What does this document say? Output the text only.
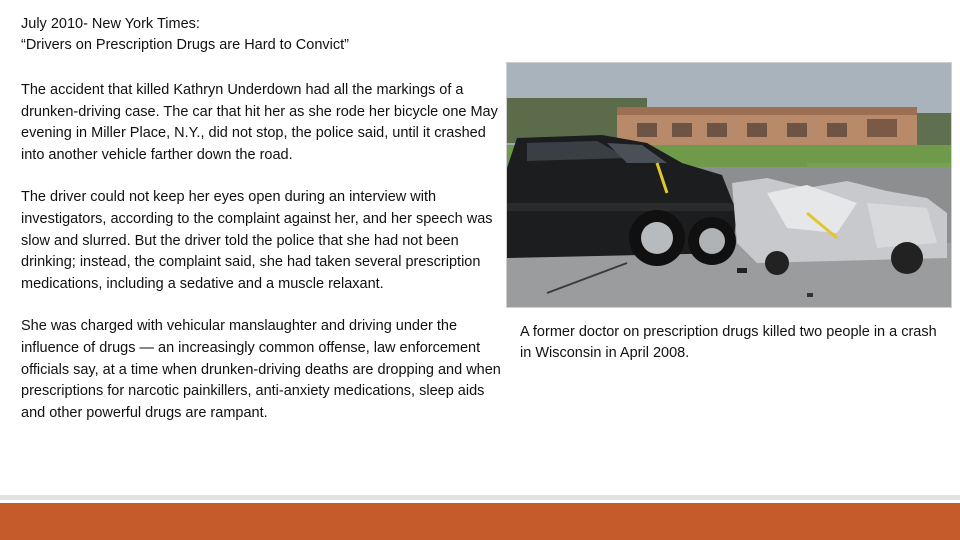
July 2010- New York Times:
“Drivers on Prescription Drugs are Hard to Convict”

The accident that killed Kathryn Underdown had all the markings of a drunken-driving case. The car that hit her as she rode her bicycle one May evening in Miller Place, N.Y., did not stop, the police said, until it crashed into another vehicle farther down the road.

The driver could not keep her eyes open during an interview with investigators, according to the complaint against her, and her speech was slow and slurred. But the driver told the police that she had not been drinking; instead, the complaint said, she had taken several prescription medications, including a sedative and a muscle relaxant.

She was charged with vehicular manslaughter and driving under the influence of drugs — an increasingly common offense, law enforcement officials say, at a time when drunken-driving deaths are dropping and when prescriptions for narcotic painkillers, anti-anxiety medications, sleep aids and other powerful drugs are rampant.

A former doctor on prescription drugs killed two people in a crash in Wisconsin in April 2008.
